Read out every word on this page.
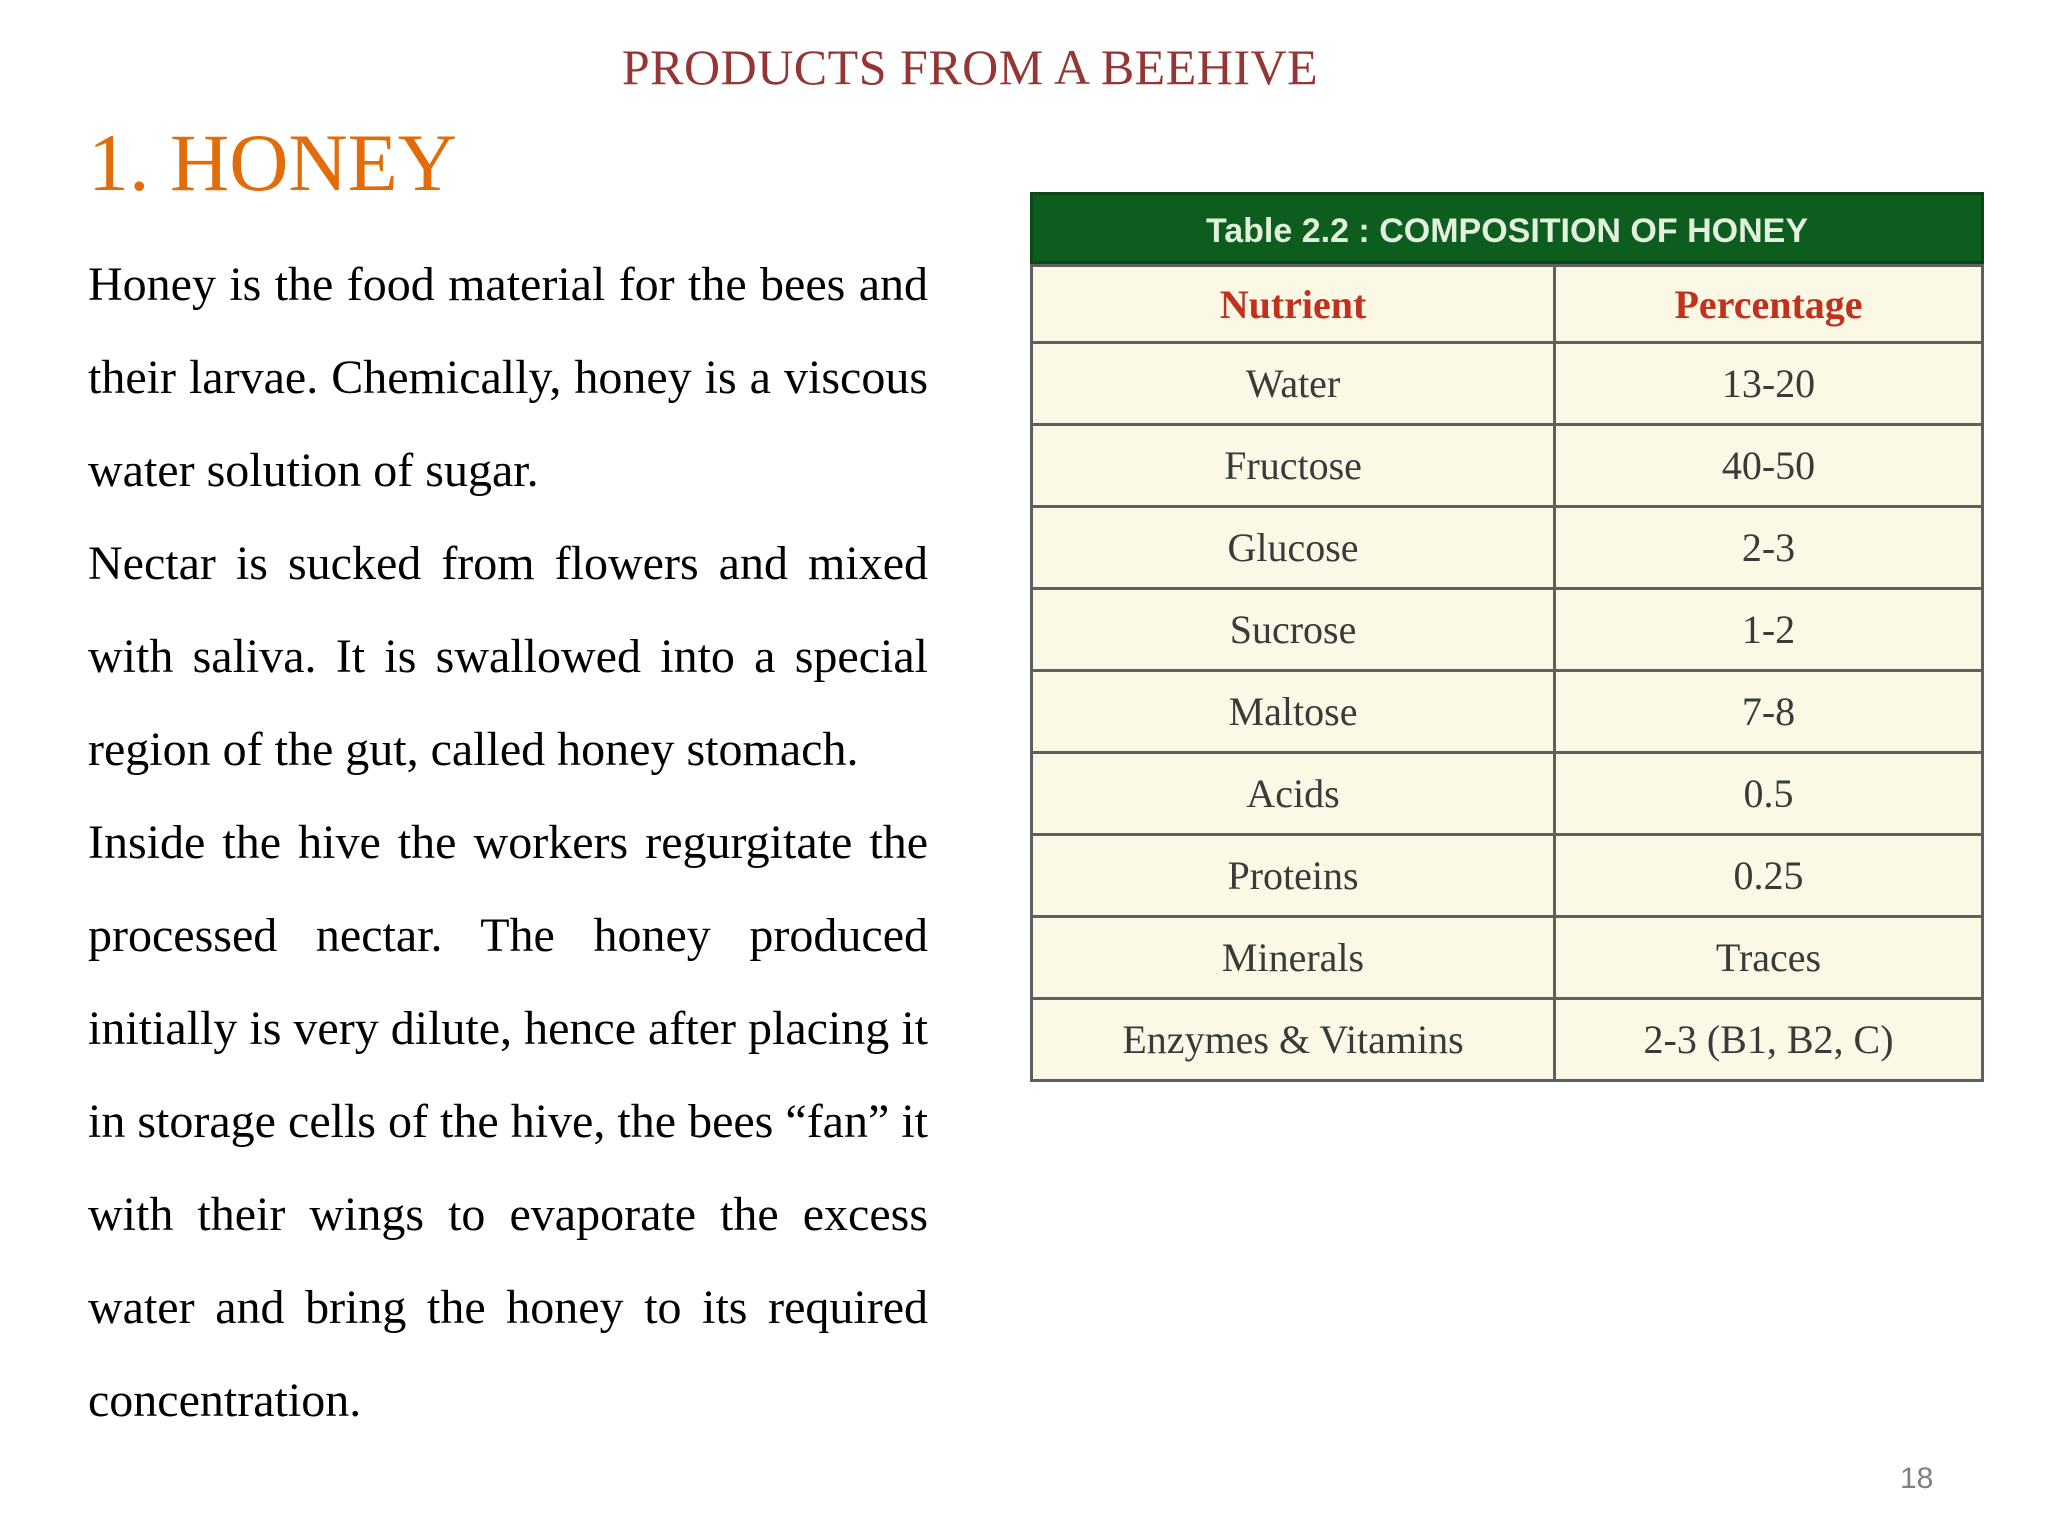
PRODUCTS FROM A BEEHIVE
1. HONEY

Honey is the food material for the bees and their larvae. Chemically, honey is a viscous water solution of sugar.

Nectar is sucked from flowers and mixed with saliva. It is swallowed into a special region of the gut, called honey stomach.

Inside the hive the workers regurgitate the processed nectar. The honey produced initially is very dilute, hence after placing it in storage cells of the hive, the bees “fan” it with their wings to evaporate the excess water and bring the honey to its required concentration.

Table 2.2 : COMPOSITION OF HONEY
Nutrient	Percentage
Water	13-20
Fructose	40-50
Glucose	2-3
Sucrose	1-2
Maltose	7-8
Acids	0.5
Proteins	0.25
Minerals	Traces
Enzymes & Vitamins	2-3 (B1, B2, C)
18
